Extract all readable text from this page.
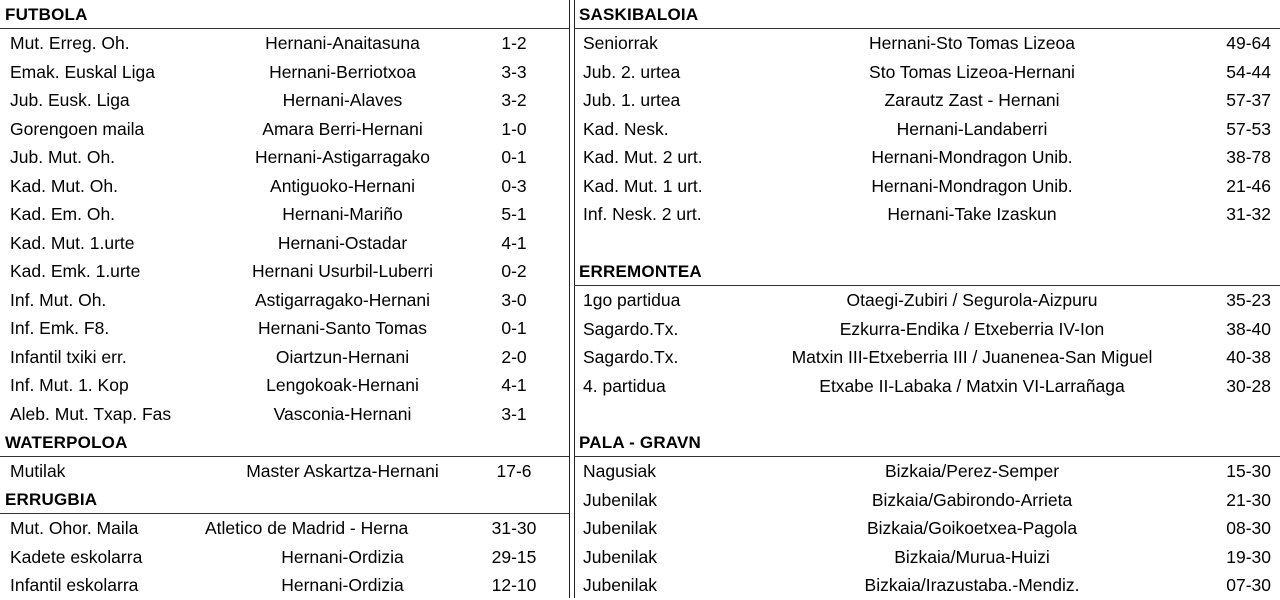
FUTBOLA
Mut. Erreg. Oh.	Hernani-Anaitasuna	1-2
Emak. Euskal Liga	Hernani-Berriotxoa	3-3
Jub. Eusk. Liga	Hernani-Alaves	3-2
Gorengoen maila	Amara Berri-Hernani	1-0
Jub. Mut. Oh.	Hernani-Astigarragako	0-1
Kad. Mut. Oh.	Antiguoko-Hernani	0-3
Kad. Em. Oh.	Hernani-Mariño	5-1
Kad. Mut. 1.urte	Hernani-Ostadar	4-1
Kad. Emk. 1.urte	Hernani Usurbil-Luberri	0-2
Inf. Mut. Oh.	Astigarragako-Hernani	3-0
Inf. Emk. F8.	Hernani-Santo Tomas	0-1
Infantil txiki err.	Oiartzun-Hernani	2-0
Inf. Mut. 1. Kop	Lengokoak-Hernani	4-1
Aleb. Mut. Txap. Fas	Vasconia-Hernani	3-1
WATERPOLOA
Mutilak	Master Askartza-Hernani	17-6
ERRUGBIA
Mut. Ohor. Maila	Atletico de Madrid - Herna	31-30
Kadete eskolarra	Hernani-Ordizia	29-15
Infantil eskolarra	Hernani-Ordizia	12-10
SASKIBALOIA
Seniorrak	Hernani-Sto Tomas Lizeoa	49-64
Jub. 2. urtea	Sto Tomas Lizeoa-Hernani	54-44
Jub. 1. urtea	Zarautz Zast - Hernani	57-37
Kad. Nesk.	Hernani-Landaberri	57-53
Kad. Mut. 2 urt.	Hernani-Mondragon Unib.	38-78
Kad. Mut. 1 urt.	Hernani-Mondragon Unib.	21-46
Inf. Nesk. 2 urt.	Hernani-Take Izaskun	31-32
ERREMONTEA
1go partidua	Otaegi-Zubiri / Segurola-Aizpuru	35-23
Sagardo.Tx.	Ezkurra-Endika / Etxeberria IV-Ion	38-40
Sagardo.Tx.	Matxin III-Etxeberria III / Juanenea-San Miguel	40-38
4. partidua	Etxabe II-Labaka / Matxin VI-Larrañaga	30-28
PALA - GRAVN
Nagusiak	Bizkaia/Perez-Semper	15-30
Jubenilak	Bizkaia/Gabirondo-Arrieta	21-30
Jubenilak	Bizkaia/Goikoetxea-Pagola	08-30
Jubenilak	Bizkaia/Murua-Huizi	19-30
Jubenilak	Bizkaia/Irazustaba.-Mendiz.	07-30
